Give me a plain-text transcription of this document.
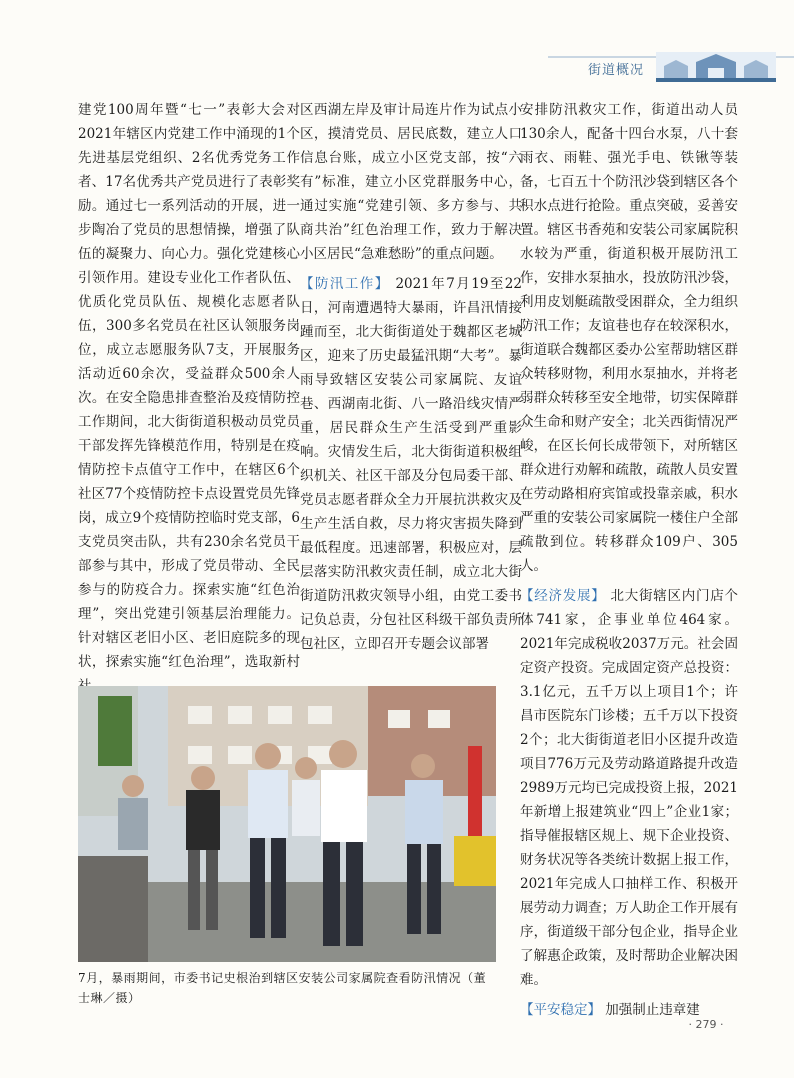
街道概况

建党100周年暨“七一”表彰大会对2021年辖区内党建工作中涌现的1个先进基层党组织、2名优秀党务工作者、17名优秀共产党员进行了表彰奖励。通过七一系列活动的开展，进一步陶冶了党员的思想情操，增强了队伍的凝聚力、向心力。强化党建核心引领作用。建设专业化工作者队伍、优质化党员队伍、规模化志愿者队伍，300多名党员在社区认领服务岗位，成立志愿服务队7支，开展服务活动近60余次，受益群众500余人次。在安全隐患排查整治及疫情防控工作期间，北大街街道积极动员党员干部发挥先锋模范作用，特别是在疫情防控卡点值守工作中，在辖区6个社区77个疫情防控卡点设置党员先锋岗，成立9个疫情防控临时党支部，6支党员突击队，共有230余名党员干部参与其中，形成了党员带动、全民参与的防疫合力。探索实施“红色治理”，突出党建引领基层治理能力。针对辖区老旧小区、老旧庭院多的现状，探索实施“红色治理”，选取新村

区西湖左岸及审计局连片作为试点小区，摸清党员、居民底数，建立人口信息台账，成立小区党支部，按“六有”标准，建立小区党群服务中心，通过实施“党建引领、多方参与、共商共治”红色治理工作，致力于解决小区居民“急难愁盼”的重点问题。

【防汛工作】 2021年7月19至22日，河南遭遇特大暴雨，许昌汛情接踵而至，北大街街道处于魏都区老城区，迎来了历史最猛汛期“大考”。暴雨导致辖区安装公司家属院、友谊巷、西湖南北街、八一路沿线灾情严重，居民群众生产生活受到严重影响。灾情发生后，北大街街道积极组织机关、社区干部及分包局委干部、党员志愿者群众全力开展抗洪救灾及生产生活自救，尽力将灾害损失降到最低程度。迅速部署，积极应对，层层落实防汛救灾责任制，成立北大街街道防汛救灾领导小组，由党工委书记负总责，分包社区科级干部负责所包社区，立即召开专题会议部署

安排防汛救灾工作，街道出动人员130余人，配备十四台水泵，八十套雨衣、雨鞋、强光手电、铁锹等装备，七百五十个防汛沙袋到辖区各个积水点进行抢险。重点突破，妥善安置。辖区书香苑和安装公司家属院积水较为严重，街道积极开展防汛工作，安排水泵抽水，投放防汛沙袋，利用皮划艇疏散受困群众，全力组织防汛工作；友谊巷也存在较深积水，街道联合魏都区委办公室帮助辖区群众转移财物，利用水泵抽水，并将老弱群众转移至安全地带，切实保障群众生命和财产安全；北关西街情况严峻，在区长何长成带领下，对所辖区群众进行劝解和疏散，疏散人员安置在劳动路相府宾馆或投靠亲戚，积水严重的安装公司家属院一楼住户全部疏散到位。转移群众109户、305人。

【经济发展】 北大街辖区内门店个体741家，企事业单位464家。2021年完成税收2037万元。社会固定资产投资。完成固定资产总投资：3.1亿元，五千万以上项目1个；许昌市医院东门诊楼；五千万以下投资2个；北大街街道老旧小区提升改造项目776万元及劳动路道路提升改造2989万元均已完成投资上报，2021年新增上报建筑业“四上”企业1家；指导催报辖区规上、规下企业投资、财务状况等各类统计数据上报工作，2021年完成人口抽样工作、积极开展劳动力调查；万人助企工作开展有序，街道级干部分包企业，指导企业了解惠企政策，及时帮助企业解决困难。

【平安稳定】 加强制止违章建

7月，暴雨期间，市委书记史根治到辖区安装公司家属院查看防汛情况（董士琳／摄）
· 279 ·
